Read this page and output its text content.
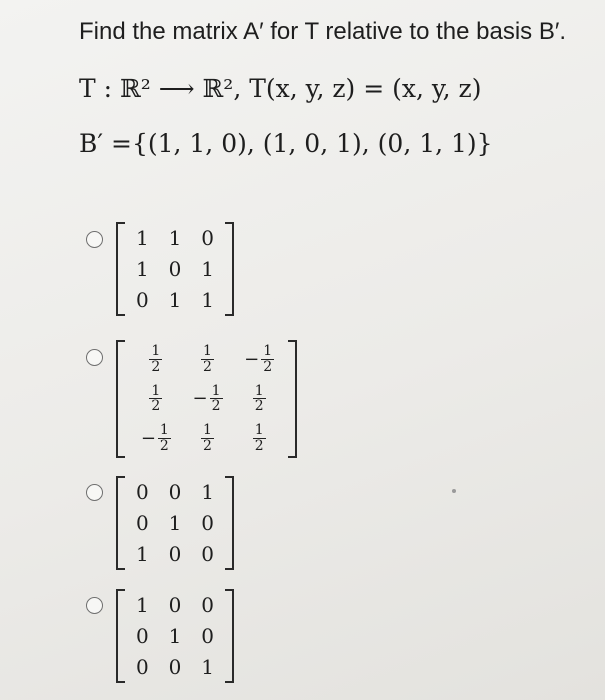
Find the matrix A′ for T relative to the basis B′.

T : ℝ² ⟶ ℝ², T(x, y, z) = (x, y, z)
B′ ={(1, 1, 0), (1, 0, 1), (0, 1, 1)}
1 1 0
1 0 1
0 1 1
$\frac{1}{2}$	$\frac{1}{2} - \frac{1}{2}$
$\frac{1}{2} - \frac{1}{2} \frac{1}{2}$
− $\frac{1}{2} \frac{1}{2}$	$\frac{1}{2}$
0 0 1
0 1 0
1 0 0
1 0 0
0 1 0
0 0 1
